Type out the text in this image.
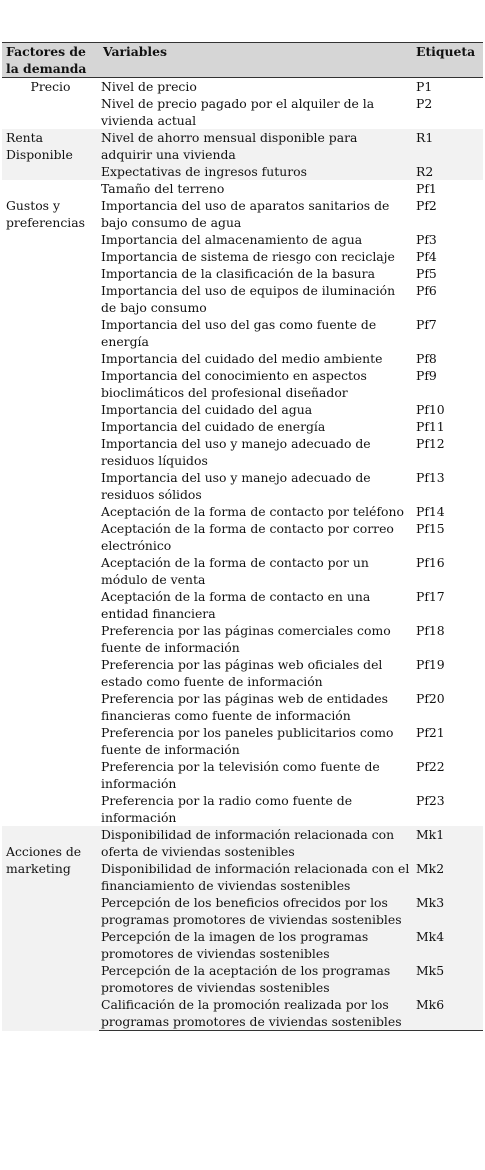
Factores de la demanda	Variables	Etiqueta
Precio	Nivel de precio	P1
	Nivel de precio pagado por el alquiler de la vivienda actual	P2
Renta Disponible	Nivel de ahorro mensual disponible para adquirir una vivienda	R1
	Expectativas de ingresos futuros	R2
Gustos y preferencias	Tamaño del terreno	Pf1
	Importancia del uso de aparatos sanitarios de bajo consumo de agua	Pf2
	Importancia del almacenamiento de agua	Pf3
	Importancia de sistema de riesgo con reciclaje	Pf4
	Importancia de la clasificación de la basura	Pf5
	Importancia del uso de equipos de iluminación de bajo consumo	Pf6
	Importancia del uso del gas como fuente de energía	Pf7
	Importancia del cuidado del medio ambiente	Pf8
	Importancia del conocimiento en aspectos bioclimáticos del profesional diseñador	Pf9
	Importancia del cuidado del agua	Pf10
	Importancia del cuidado de energía	Pf11
	Importancia del uso y manejo adecuado de residuos líquidos	Pf12
	Importancia del uso y manejo adecuado de residuos sólidos	Pf13
	Aceptación de la forma de contacto por teléfono	Pf14
	Aceptación de la forma de contacto por correo electrónico	Pf15
	Aceptación de la forma de contacto por un módulo de venta	Pf16
	Aceptación de la forma de contacto en una entidad financiera	Pf17
	Preferencia por las páginas comerciales como fuente de información	Pf18
	Preferencia por las páginas web oficiales del estado como fuente de información	Pf19
	Preferencia por las páginas web de entidades financieras como fuente de información	Pf20
	Preferencia por los paneles publicitarios como fuente de información	Pf21
	Preferencia por la televisión como fuente de información	Pf22
	Preferencia por la radio como fuente de información	Pf23
Acciones de marketing	Disponibilidad de información relacionada con oferta de viviendas sostenibles	Mk1
	Disponibilidad de información relacionada con el financiamiento de viviendas sostenibles	Mk2
	Percepción de los beneficios ofrecidos por los programas promotores de viviendas sostenibles	Mk3
	Percepción de la imagen de los programas promotores de viviendas sostenibles	Mk4
	Percepción de la aceptación de los programas promotores de viviendas sostenibles	Mk5
	Calificación de la promoción realizada por los programas promotores de viviendas sostenibles	Mk6
